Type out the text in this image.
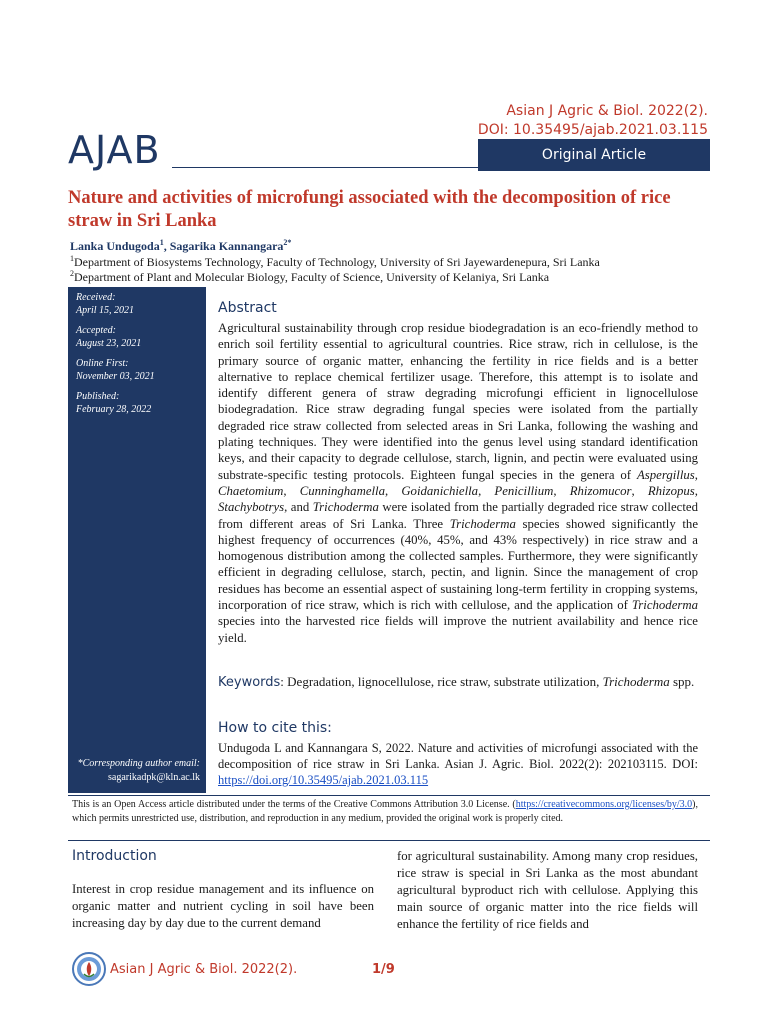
Asian J Agric & Biol. 2022(2).
DOI: 10.35495/ajab.2021.03.115
AJAB	Original Article
Nature and activities of microfungi associated with the decomposition of rice straw in Sri Lanka
Lanka Undugoda$^1$, Sagarika Kannangara$^{2*}$
$^1$Department of Biosystems Technology, Faculty of Technology, University of Sri Jayewardenepura, Sri Lanka
$^2$Department of Plant and Molecular Biology, Faculty of Science, University of Kelaniya, Sri Lanka
Received:
April 15, 2021
Accepted:
August 23, 2021
Online First:
November 03, 2021
Published:
February 28, 2022
*Corresponding author email:
sagarikadpk@kln.ac.lk
Abstract
Agricultural sustainability through crop residue biodegradation is an eco-friendly method to enrich soil fertility essential to agricultural countries. Rice straw, rich in cellulose, is the primary source of organic matter, enhancing the fertility in rice fields and is a better alternative to replace chemical fertilizer usage. Therefore, this attempt is to isolate and identify different genera of straw degrading microfungi efficient in lignocellulose biodegradation. Rice straw degrading fungal species were isolated from the partially degraded rice straw collected from selected areas in Sri Lanka, following the washing and plating techniques. They were identified into the genus level using standard identification keys, and their capacity to degrade cellulose, starch, lignin, and pectin were evaluated using substrate-specific testing protocols. Eighteen fungal species in the genera of Aspergillus, Chaetomium, Cunninghamella, Goidanichiella, Penicillium, Rhizomucor, Rhizopus, Stachybotrys, and Trichoderma were isolated from the partially degraded rice straw collected from different areas of Sri Lanka. Three Trichoderma species showed significantly the highest frequency of occurrences (40%, 45%, and 43% respectively) in rice straw and a homogenous distribution among the collected samples. Furthermore, they were significantly efficient in degrading cellulose, starch, pectin, and lignin. Since the management of crop residues has become an essential aspect of sustaining long-term fertility in cropping systems, incorporation of rice straw, which is rich with cellulose, and the application of Trichoderma species into the harvested rice fields will improve the nutrient availability and hence rice yield.
Keywords: Degradation, lignocellulose, rice straw, substrate utilization, Trichoderma spp.
How to cite this:
Undugoda L and Kannangara S, 2022. Nature and activities of microfungi associated with the decomposition of rice straw in Sri Lanka. Asian J. Agric. Biol. 2022(2): 202103115. DOI: https://doi.org/10.35495/ajab.2021.03.115
This is an Open Access article distributed under the terms of the Creative Commons Attribution 3.0 License. (https://creativecommons.org/licenses/by/3.0), which permits unrestricted use, distribution, and reproduction in any medium, provided the original work is properly cited.
Introduction
Interest in crop residue management and its influence on organic matter and nutrient cycling in soil have been increasing day by day due to the current demand
for agricultural sustainability. Among many crop residues, rice straw is special in Sri Lanka as the most abundant agricultural byproduct rich with cellulose. Applying this main source of organic matter into the rice fields will enhance the fertility of rice fields and
Asian J Agric & Biol. 2022(2).	1/9
